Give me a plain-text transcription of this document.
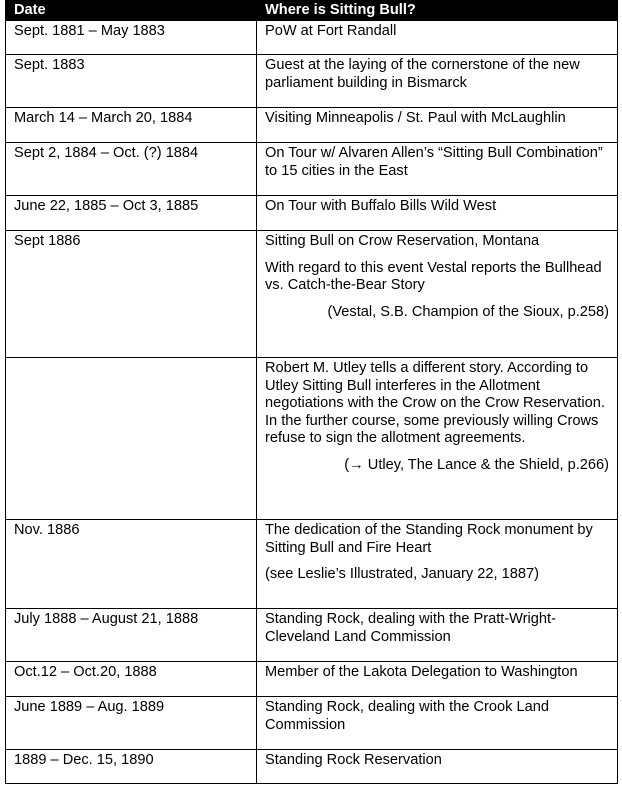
Date	Where is Sitting Bull?
Sept. 1881 – May 1883	PoW at Fort Randall

Sept. 1883	Guest at the laying of the cornerstone of the new parliament building in Bismarck

March 14 – March 20, 1884	Visiting Minneapolis / St. Paul with McLaughlin

Sept 2, 1884 – Oct. (?) 1884	On Tour w/ Alvaren Allen’s “Sitting Bull Combination” to 15 cities in the East

June 22, 1885 – Oct 3, 1885	On Tour with Buffalo Bills Wild West

Sept 1886	Sitting Bull on Crow Reservation, Montana

With regard to this event Vestal reports the Bullhead vs. Catch-the-Bear Story

(Vestal, S.B. Champion of the Sioux, p.258)

	Robert M. Utley tells a different story. According to Utley Sitting Bull interferes in the Allotment negotiations with the Crow on the Crow Reservation. In the further course, some previously willing Crows refuse to sign the allotment agreements.

(→ Utley, The Lance & the Shield, p.266)

Nov. 1886	The dedication of the Standing Rock monument by Sitting Bull and Fire Heart

(see Leslie’s Illustrated, January 22, 1887)

July 1888 – August 21, 1888	Standing Rock, dealing with the Pratt-Wright-Cleveland Land Commission

Oct.12 – Oct.20, 1888	Member of the Lakota Delegation to Washington

June 1889 – Aug. 1889	Standing Rock, dealing with the Crook Land Commission

1889 – Dec. 15, 1890	Standing Rock Reservation
